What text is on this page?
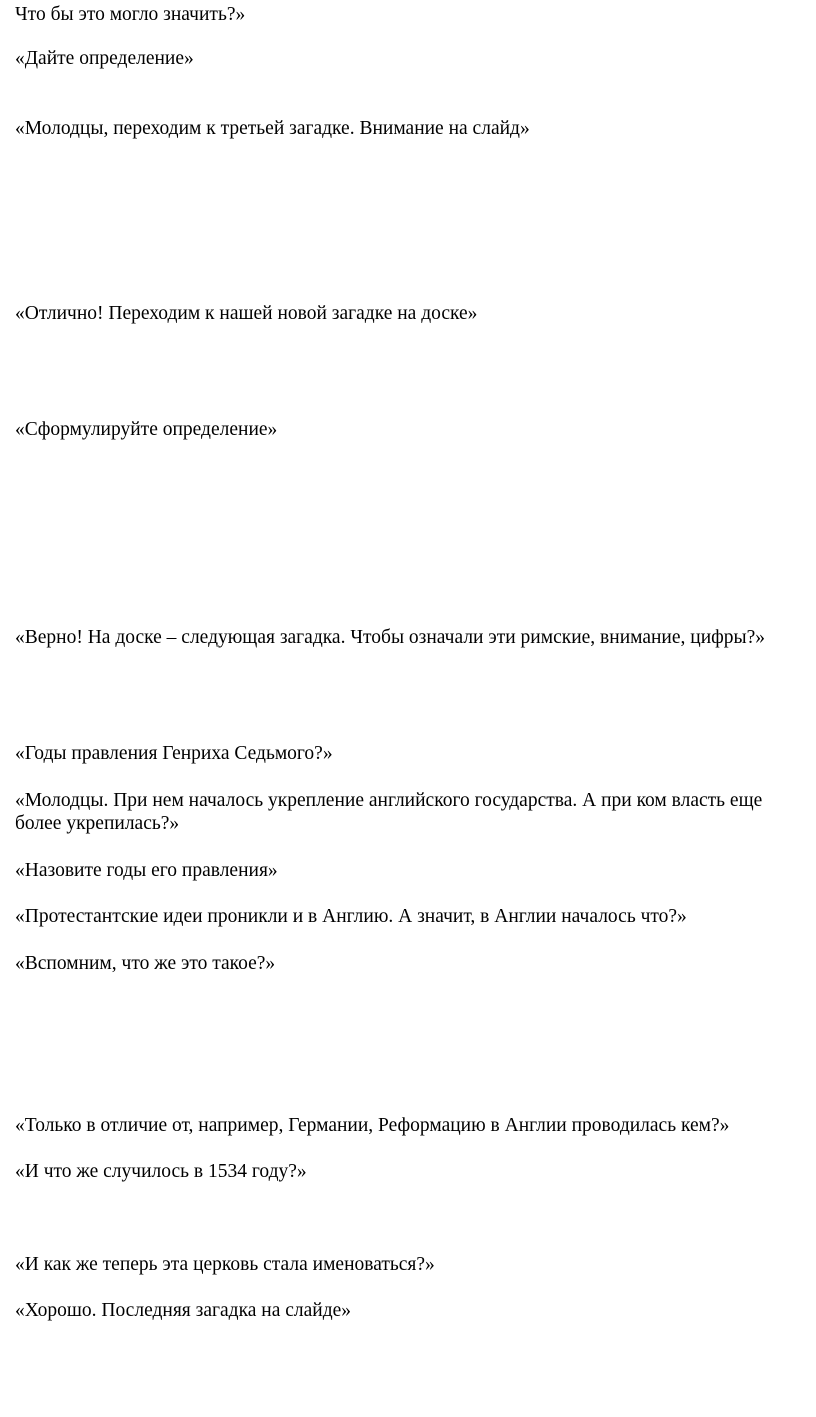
Что бы это могло значить?»

«Дайте определение»

«Молодцы, переходим к третьей загадке. Внимание на слайд»

«Отлично! Переходим к нашей новой загадке на доске»

«Сформулируйте определение»

«Верно! На доске – следующая загадка. Чтобы означали эти римские, внимание, цифры?»

«Годы правления Генриха Седьмого?»

«Молодцы. При нем началось укрепление английского государства. А при ком власть еще более укрепилась?»

«Назовите годы его правления»

«Протестантские идеи проникли и в Англию. А значит, в Англии началось что?»

«Вспомним, что же это такое?»

«Только в отличие от, например, Германии, Реформацию в Англии проводилась кем?»

«И что же случилось в 1534 году?»

«И как же теперь эта церковь стала именоваться?»

«Хорошо. Последняя загадка на слайде»
